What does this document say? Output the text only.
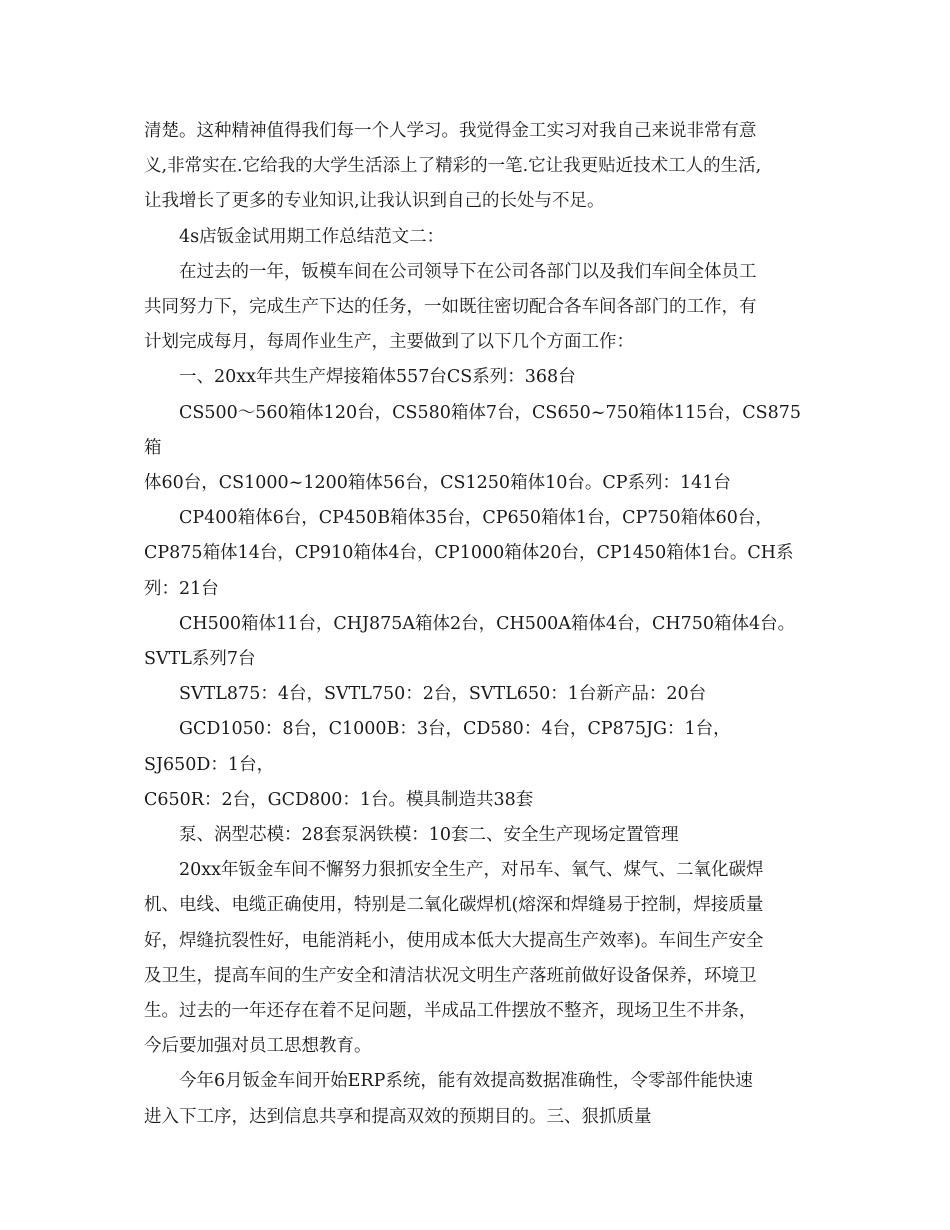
清楚。这种精神值得我们每一个人学习。我觉得金工实习对我自己来说非常有意
义,非常实在.它给我的大学生活添上了精彩的一笔.它让我更贴近技术工人的生活,
让我增长了更多的专业知识,让我认识到自己的长处与不足。

4s店钣金试用期工作总结范文二：

在过去的一年，钣模车间在公司领导下在公司各部门以及我们车间全体员工
共同努力下，完成生产下达的任务，一如既往密切配合各车间各部门的工作，有
计划完成每月，每周作业生产，主要做到了以下几个方面工作：

一、20xx年共生产焊接箱体557台CS系列：368台

CS500～560箱体120台，CS580箱体7台，CS650~750箱体115台，CS875箱
体60台，CS1000~1200箱体56台，CS1250箱体10台。CP系列：141台

CP400箱体6台，CP450B箱体35台，CP650箱体1台，CP750箱体60台，
CP875箱体14台，CP910箱体4台，CP1000箱体20台，CP1450箱体1台。CH系
列：21台

CH500箱体11台，CHJ875A箱体2台，CH500A箱体4台，CH750箱体4台。
SVTL系列7台

SVTL875：4台，SVTL750：2台，SVTL650：1台新产品：20台

GCD1050：8台，C1000B：3台，CD580：4台，CP875JG：1台，SJ650D：1台，
C650R：2台，GCD800：1台。模具制造共38套

泵、涡型芯模：28套泵涡铁模：10套二、安全生产现场定置管理

20xx年钣金车间不懈努力狠抓安全生产，对吊车、氧气、煤气、二氧化碳焊
机、电线、电缆正确使用，特别是二氧化碳焊机(熔深和焊缝易于控制，焊接质量
好，焊缝抗裂性好，电能消耗小，使用成本低大大提高生产效率)。车间生产安全
及卫生，提高车间的生产安全和清洁状况文明生产落班前做好设备保养，环境卫
生。过去的一年还存在着不足问题，半成品工件摆放不整齐，现场卫生不井条，
今后要加强对员工思想教育。

今年6月钣金车间开始ERP系统，能有效提高数据准确性，令零部件能快速
进入下工序，达到信息共享和提高双效的预期目的。三、狠抓质量
